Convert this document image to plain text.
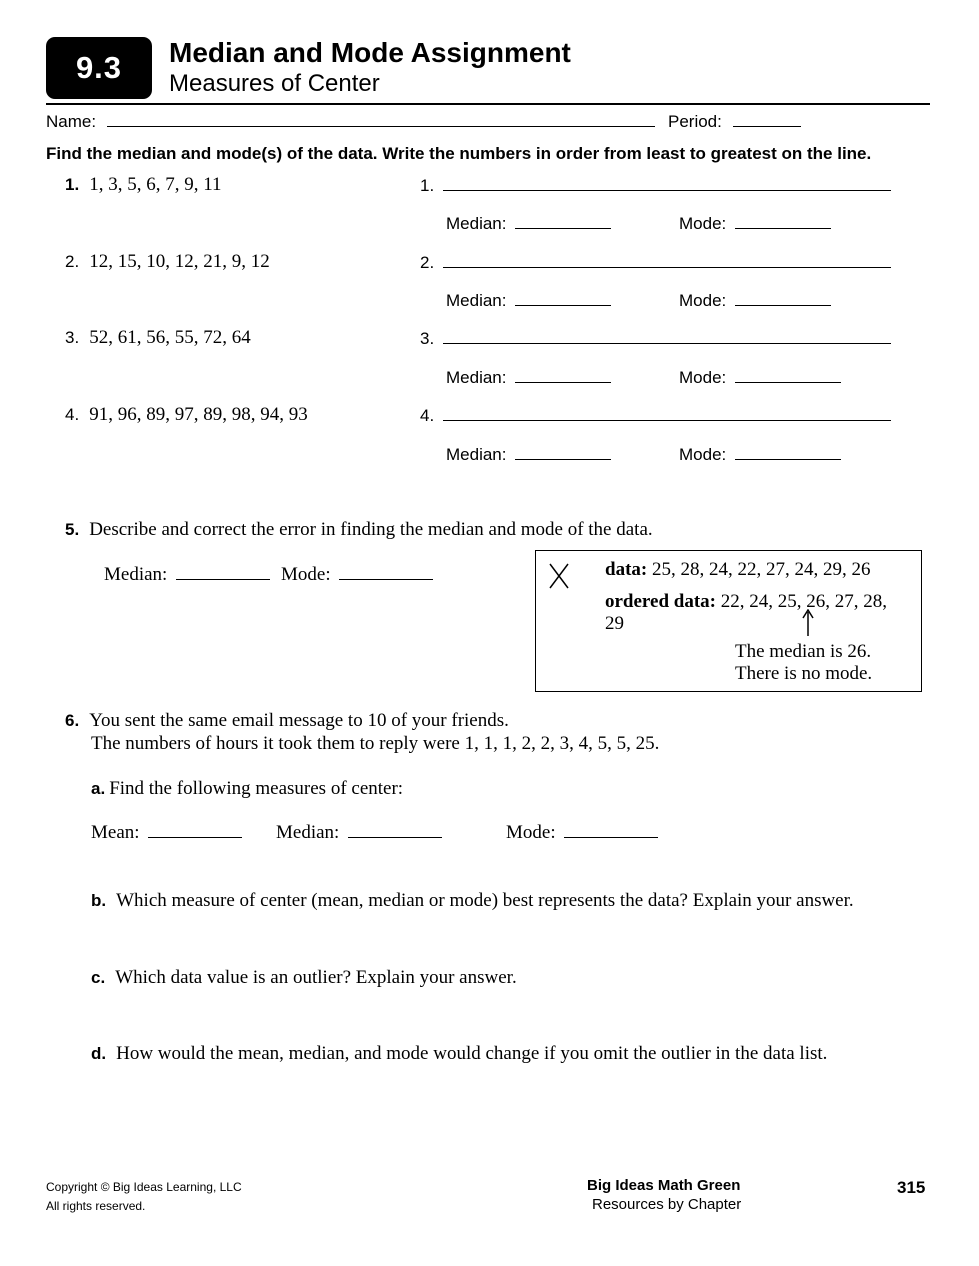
9.3	Median and Mode Assignment
Measures of Center
Name:	Period:
Find the median and mode(s) of the data. Write the numbers in order from least to greatest on the line.
1. 1, 3, 5, 6, 7, 9, 11	1.
Median:	Mode:
2. 12, 15, 10, 12, 21, 9, 12	2.
Median:	Mode:
3. 52, 61, 56, 55, 72, 64	3.
Median:	Mode:
4. 91, 96, 89, 97, 89, 98, 94, 93	4.
Median:	Mode:
5. Describe and correct the error in finding the median and mode of the data.
Median:	Mode:	data: 25, 28, 24, 22, 27, 24, 29, 26
ordered data: 22, 24, 25, 26, 27, 28,
29
The median is 26.
There is no mode.
6. You sent the same email message to 10 of your friends.
The numbers of hours it took them to reply were 1, 1, 1, 2, 2, 3, 4, 5, 5, 25.
a. Find the following measures of center:
Mean:	Median:	Mode:
b. Which measure of center (mean, median or mode) best represents the data? Explain your answer.
c. Which data value is an outlier? Explain your answer.
d. How would the mean, median, and mode would change if you omit the outlier in the data list.
Copyright © Big Ideas Learning, LLC
All rights reserved.
Big Ideas Math Green
Resources by Chapter
315
